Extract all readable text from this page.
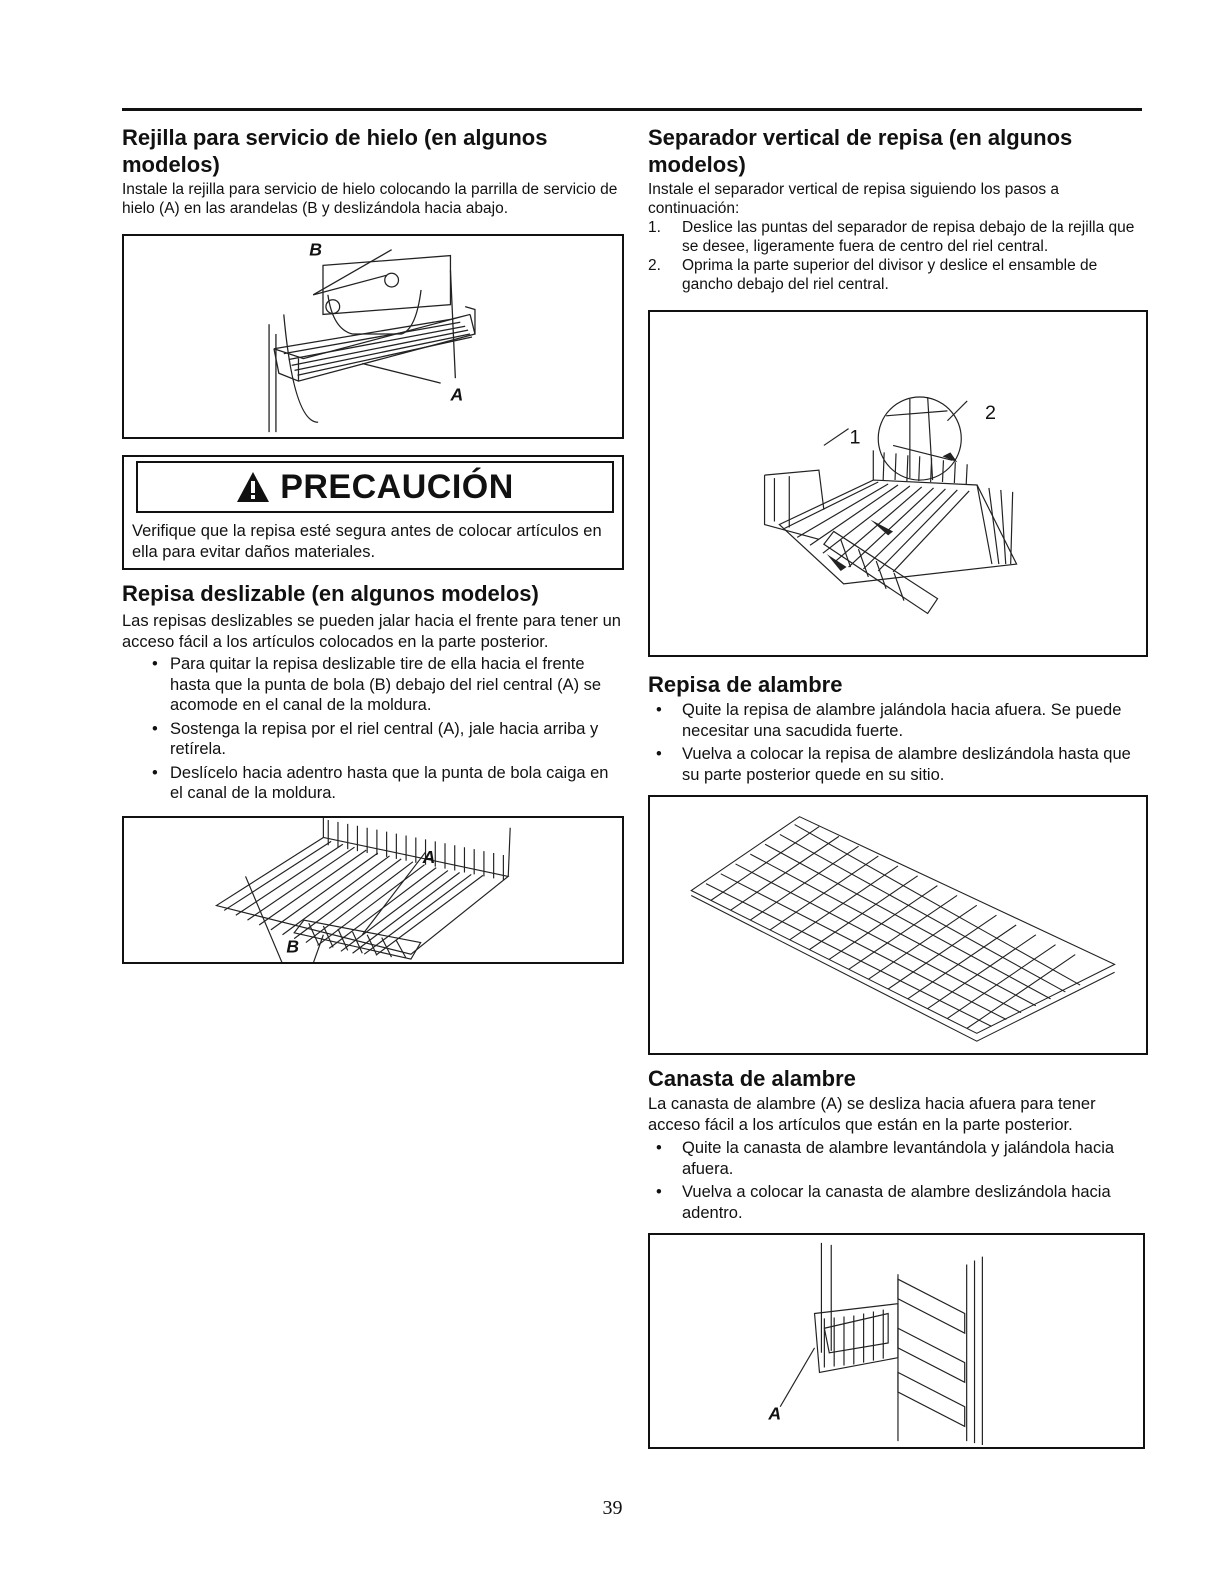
Rejilla para servicio de hielo (en algunos modelos)

Instale la rejilla para servicio de hielo colocando la parrilla de servicio de hielo (A) en las arandelas (B y deslizándola hacia abajo.

B
A
PRECAUCIÓN

Verifique que la repisa esté segura antes de colocar artículos en ella para evitar daños materiales.

Repisa deslizable (en algunos modelos)

Las repisas deslizables se pueden jalar hacia el frente para tener un acceso fácil a los artículos colocados en la parte posterior.

• Para quitar la repisa deslizable tire de ella hacia el frente hasta que la punta de bola (B) debajo del riel central (A) se acomode en el canal de la moldura.
• Sostenga la repisa por el riel central (A), jale hacia arriba y retírela.
• Deslícelo hacia adentro hasta que la punta de bola caiga en el canal de la moldura.
A
B
Separador vertical de repisa (en algunos modelos)

Instale el separador vertical de repisa siguiendo los pasos a continuación:

1.	Deslice las puntas del separador de repisa debajo de la rejilla que se desee, ligeramente fuera de centro del riel central.
2.	Oprima la parte superior del divisor y deslice el ensamble de gancho debajo del riel central.
1
2
Repisa de alambre
•	Quite la repisa de alambre jalándola hacia afuera. Se puede necesitar una sacudida fuerte.
•	Vuelva a colocar la repisa de alambre deslizándola hasta que su parte posterior quede en su sitio.
Canasta de alambre

La canasta de alambre (A) se desliza hacia afuera para tener acceso fácil a los artículos que están en la parte posterior.

•	Quite la canasta de alambre levantándola y jalándola hacia afuera.
•	Vuelva a colocar la canasta de alambre deslizándola hacia adentro.
A
39
